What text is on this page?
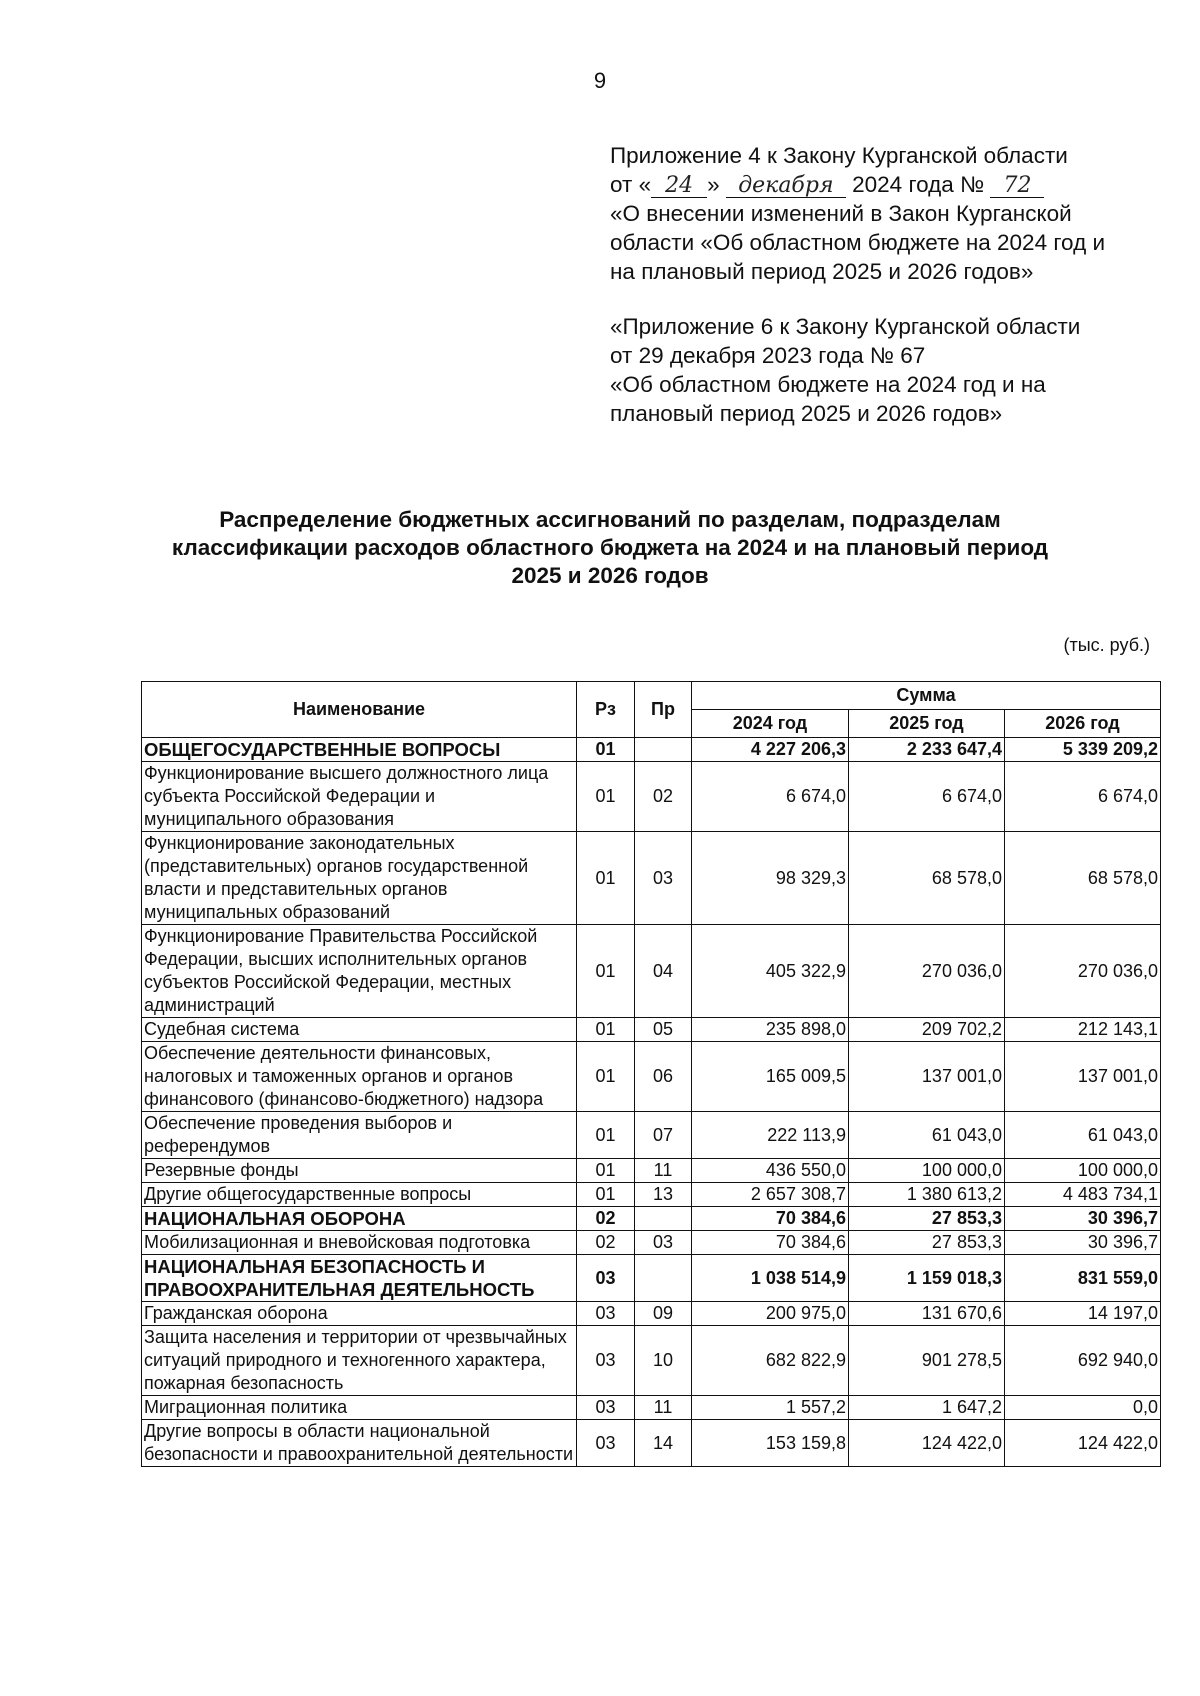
9

Приложение 4 к Закону Курганской области

от « 24 » декабря 2024 года № 72

«О внесении изменений в Закон Курганской

области «Об областном бюджете на 2024 год и

на плановый период 2025 и 2026 годов»

«Приложение 6 к Закону Курганской области

от 29 декабря 2023 года № 67

«Об областном бюджете на 2024 год и на

плановый период 2025 и 2026 годов»

Распределение бюджетных ассигнований по разделам, подразделам
классификации расходов областного бюджета на 2024 и на плановый период
2025 и 2026 годов
(тыс. руб.)
Наименование	Рз	Пр	Сумма		
			2024 год	2025 год	2026 год
ОБЩЕГОСУДАРСТВЕННЫЕ ВОПРОСЫ	01		4 227 206,3	2 233 647,4	5 339 209,2
Функционирование высшего должностного лица субъекта Российской Федерации и муниципального образования	01	02	6 674,0	6 674,0	6 674,0
Функционирование законодательных (представительных) органов государственной власти и представительных органов муниципальных образований	01	03	98 329,3	68 578,0	68 578,0
Функционирование Правительства Российской Федерации, высших исполнительных органов субъектов Российской Федерации, местных администраций	01	04	405 322,9	270 036,0	270 036,0
Судебная система	01	05	235 898,0	209 702,2	212 143,1
Обеспечение деятельности финансовых, налоговых и таможенных органов и органов финансового (финансово-бюджетного) надзора	01	06	165 009,5	137 001,0	137 001,0
Обеспечение проведения выборов и референдумов	01	07	222 113,9	61 043,0	61 043,0
Резервные фонды	01	11	436 550,0	100 000,0	100 000,0
Другие общегосударственные вопросы	01	13	2 657 308,7	1 380 613,2	4 483 734,1
НАЦИОНАЛЬНАЯ ОБОРОНА	02		70 384,6	27 853,3	30 396,7
Мобилизационная и вневойсковая подготовка	02	03	70 384,6	27 853,3	30 396,7
НАЦИОНАЛЬНАЯ БЕЗОПАСНОСТЬ И ПРАВООХРАНИТЕЛЬНАЯ ДЕЯТЕЛЬНОСТЬ	03		1 038 514,9	1 159 018,3	831 559,0
Гражданская оборона	03	09	200 975,0	131 670,6	14 197,0
Защита населения и территории от чрезвычайных ситуаций природного и техногенного характера, пожарная безопасность	03	10	682 822,9	901 278,5	692 940,0
Миграционная политика	03	11	1 557,2	1 647,2	0,0
Другие вопросы в области национальной безопасности и правоохранительной деятельности	03	14	153 159,8	124 422,0	124 422,0
